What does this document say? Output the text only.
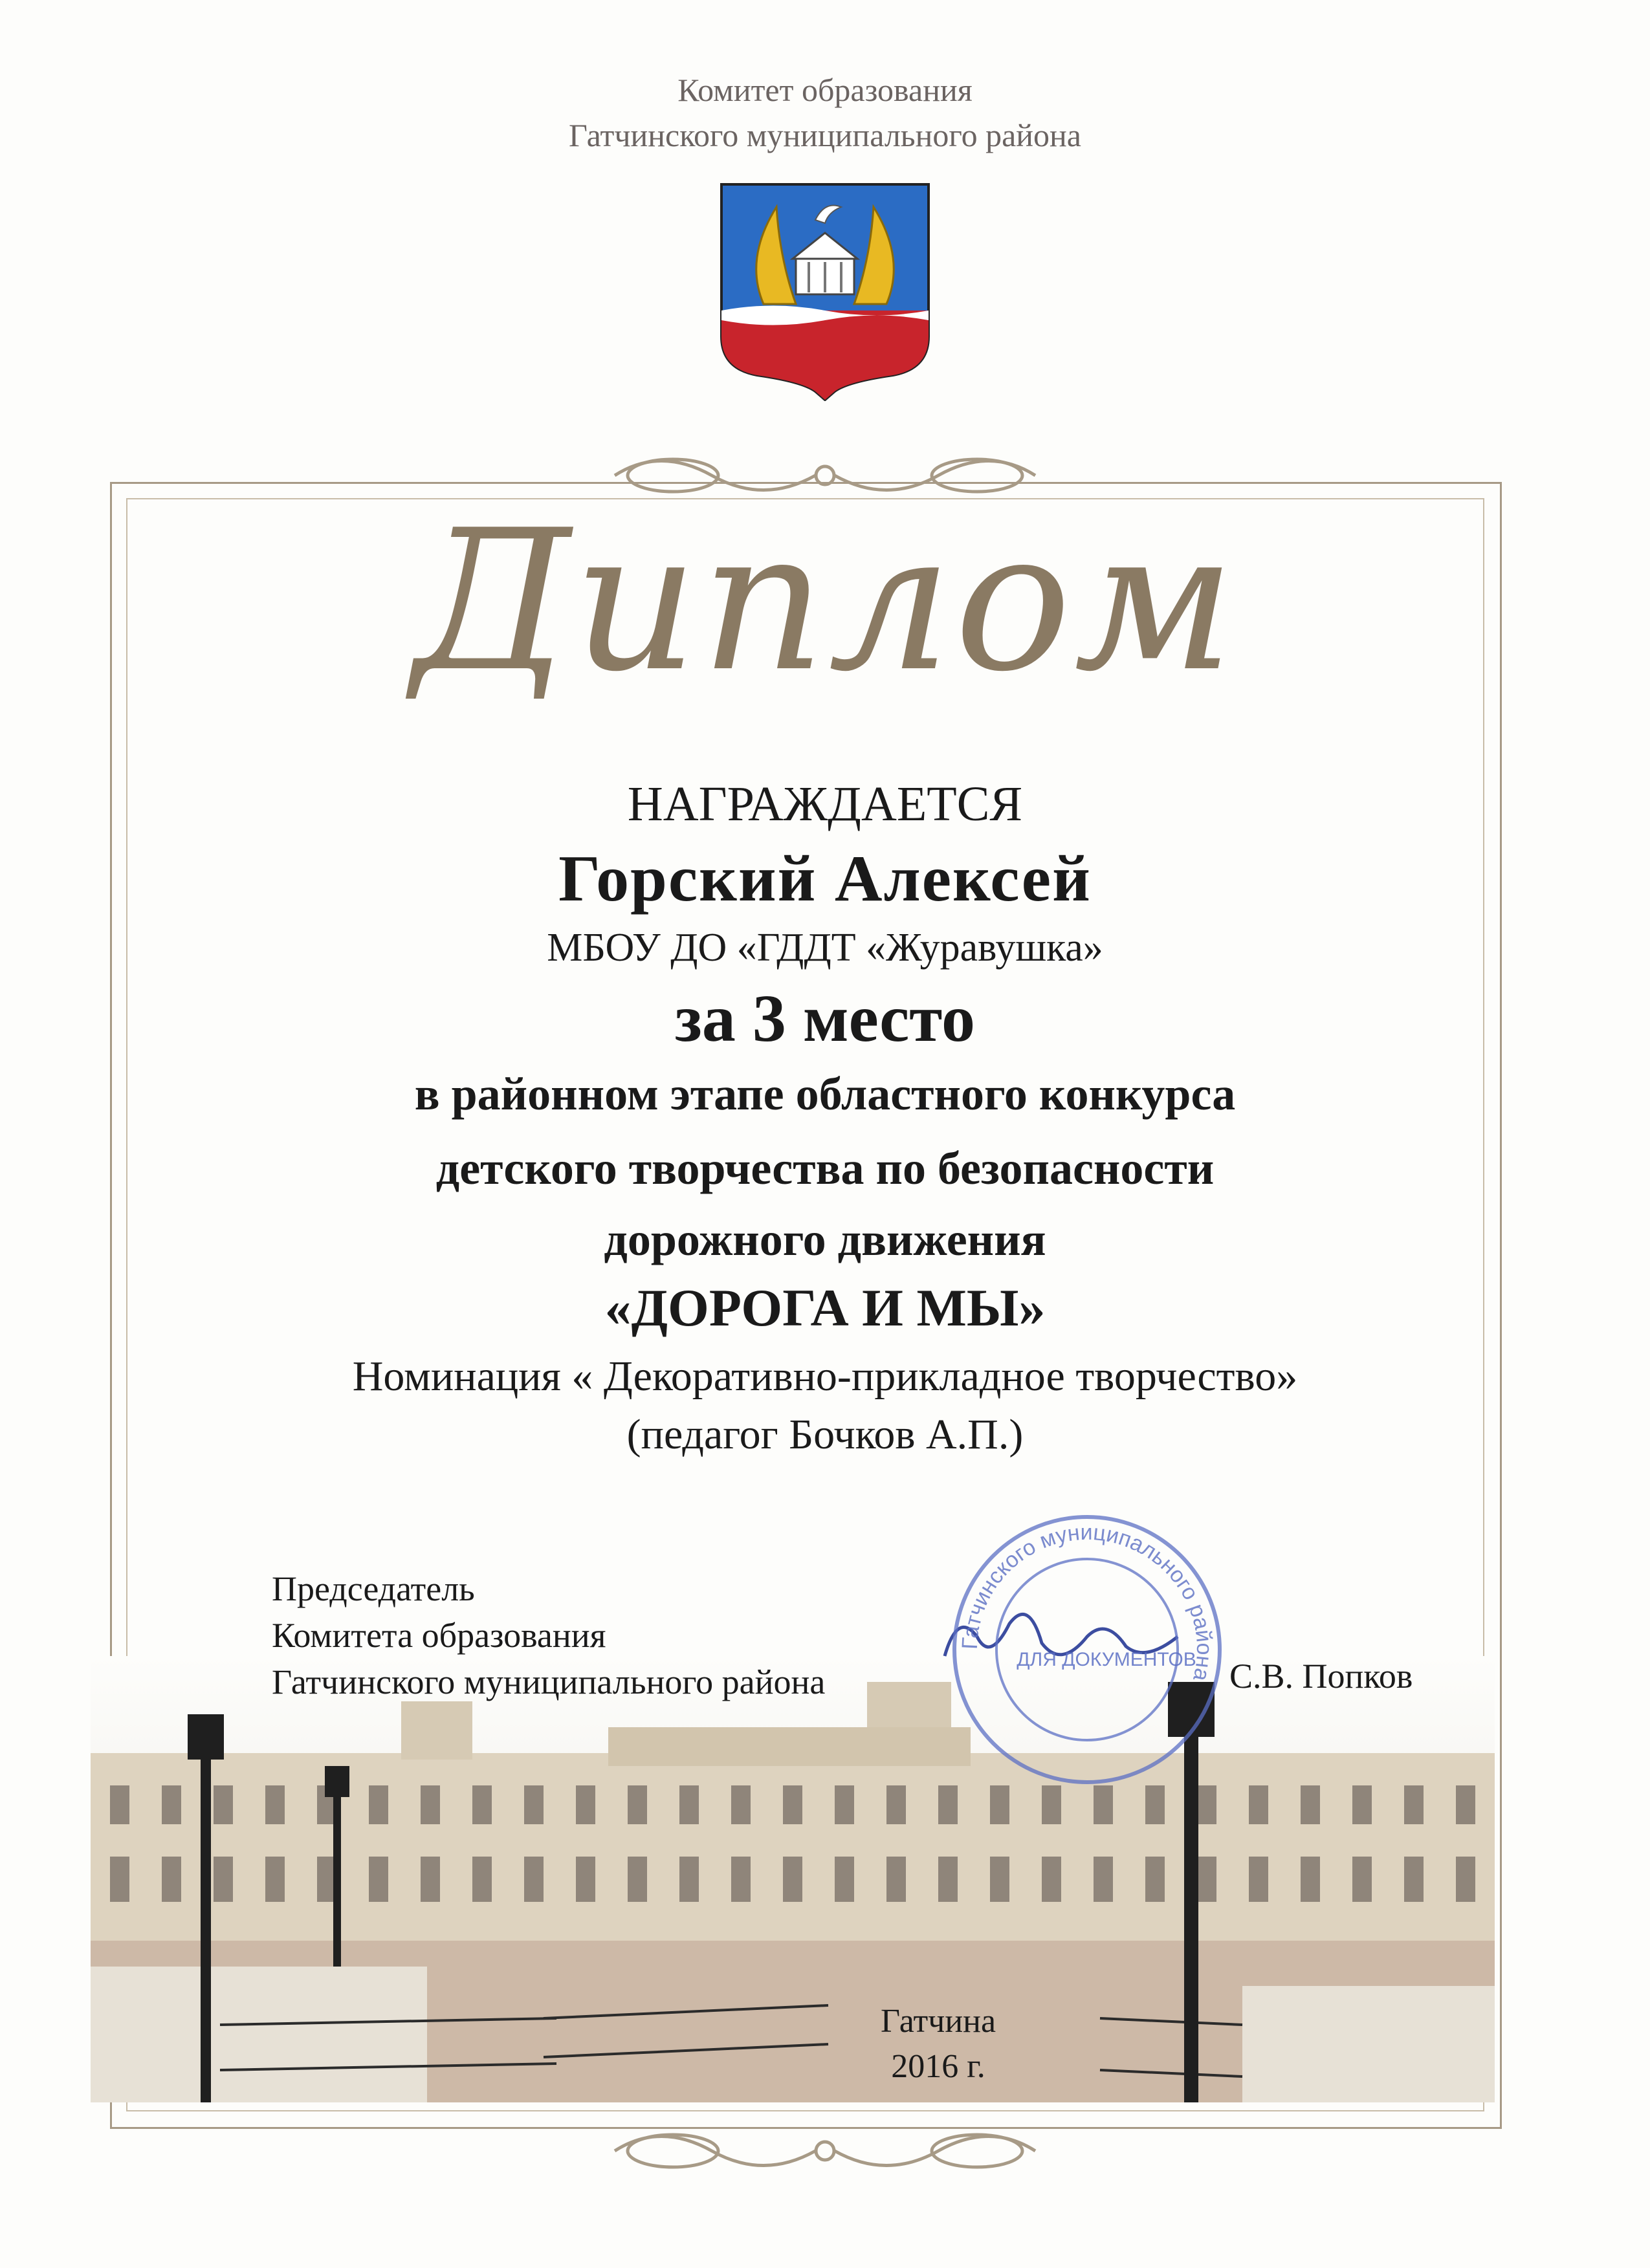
Комитет образования
Гатчинского муниципального района
Диплом
НАГРАЖДАЕТСЯ
Горский Алексей
МБОУ ДО «ГДДТ «Журавушка»
за 3 место
в районном этапе областного конкурса
детского творчества по безопасности
дорожного движения
«ДОРОГА И МЫ»
Номинация « Декоративно-прикладное творчество»
(педагог Бочков А.П.)
Председатель
Комитета образования
Гатчинского муниципального района	С.В. Попков
Гатчинского муниципального района
ДЛЯ ДОКУМЕНТОВ
Гатчина
2016 г.
